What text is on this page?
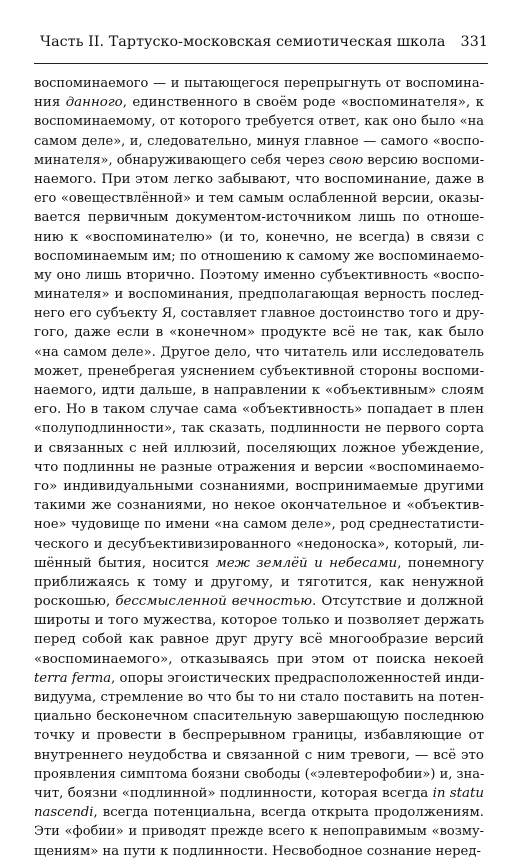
Часть II. Тартуско-московская семиотическая школа 331
воспоминаемого — и пытающегося перепрыгнуть от воспомина-
ния данного, единственного в своём роде «воспоминателя», к
воспоминаемому, от которого требуется ответ, как оно было «на
самом деле», и, следовательно, минуя главное — самого «воспо-
минателя», обнаруживающего себя через свою версию воспоми-
наемого. При этом легко забывают, что воспоминание, даже в
его «овеществлённой» и тем самым ослабленной версии, оказы-
вается первичным документом-источником лишь по отноше-
нию к «воспоминателю» (и то, конечно, не всегда) в связи с
воспоминаемым им; по отношению к самому же воспоминаемо-
му оно лишь вторично. Поэтому именно субъективность «воспо-
минателя» и воспоминания, предполагающая верность послед-
него его субъекту Я, составляет главное достоинство того и дру-
гого, даже если в «конечном» продукте всё не так, как было
«на самом деле». Другое дело, что читатель или исследователь
может, пренебрегая уяснением субъективной стороны воспоми-
наемого, идти дальше, в направлении к «объективным» слоям
его. Но в таком случае сама «объективность» попадает в плен
«полуподлинности», так сказать, подлинности не первого сорта
и связанных с ней иллюзий, поселяющих ложное убеждение,
что подлинны не разные отражения и версии «воспоминаемо-
го» индивидуальными сознаниями, воспринимаемые другими
такими же сознаниями, но некое окончательное и «объектив-
ное» чудовище по имени «на самом деле», род среднестатисти-
ческого и десубъективизированного «недоноска», который, ли-
шённый бытия, носится меж землёй и небесами, понемногу
приближаясь к тому и другому, и тяготится, как ненужной
роскошью, бессмысленной вечностью. Отсутствие и должной
широты и того мужества, которое только и позволяет держать
перед собой как равное друг другу всё многообразие версий
«воспоминаемого», отказываясь при этом от поиска некоей
terra ferma, опоры эгоистических предрасположенностей инди-
видуума, стремление во что бы то ни стало поставить на потен-
циально бесконечном спасительную завершающую последнюю
точку и провести в беспрерывном границы, избавляющие от
внутреннего неудобства и связанной с ним тревоги, — всё это
проявления симптома боязни свободы («элевтерофобии») и, зна-
чит, боязни «подлинной» подлинности, которая всегда in statu
nascendi, всегда потенциальна, всегда открыта продолжениям.
Эти «фобии» и приводят прежде всего к непоправимым «возму-
щениям» на пути к подлинности. Несвободное сознание неред-
